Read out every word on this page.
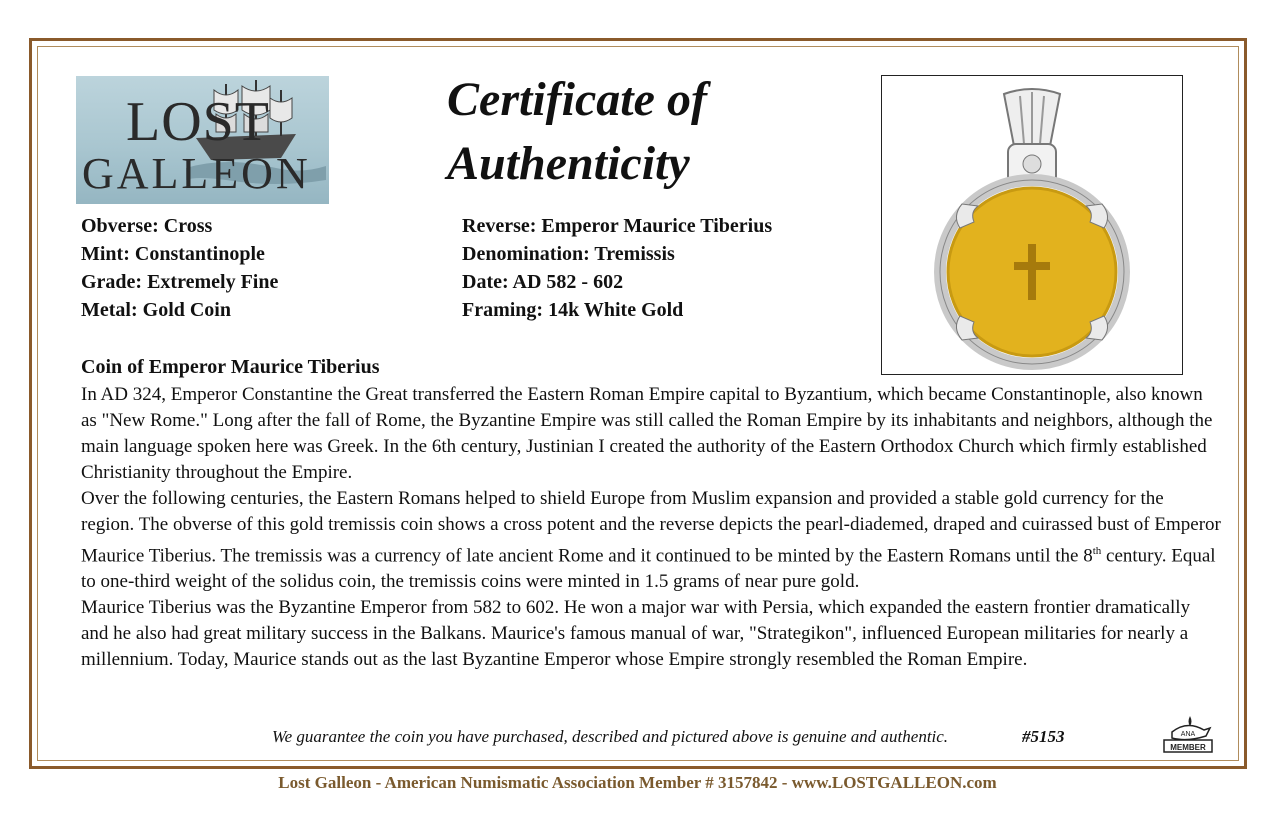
LOST
GALLEON
Certificate of
Authenticity
Obverse: Cross
Mint: Constantinople
Grade: Extremely Fine
Metal: Gold Coin
Reverse: Emperor Maurice Tiberius
Denomination: Tremissis
Date: AD 582 - 602
Framing: 14k White Gold
Coin of Emperor Maurice Tiberius

In AD 324, Emperor Constantine the Great transferred the Eastern Roman Empire capital to Byzantium, which became Constantinople, also known as "New Rome." Long after the fall of Rome, the Byzantine Empire was still called the Roman Empire by its inhabitants and neighbors, although the main language spoken here was Greek. In the 6th century, Justinian I created the authority of the Eastern Orthodox Church which firmly established Christianity throughout the Empire.

Over the following centuries, the Eastern Romans helped to shield Europe from Muslim expansion and provided a stable gold currency for the region. The obverse of this gold tremissis coin shows a cross potent and the reverse depicts the pearl-diademed, draped and cuirassed bust of Emperor Maurice Tiberius. The tremissis was a currency of late ancient Rome and it continued to be minted by the Eastern Romans until the 8th century. Equal to one-third weight of the solidus coin, the tremissis coins were minted in 1.5 grams of near pure gold.

Maurice Tiberius was the Byzantine Emperor from 582 to 602. He won a major war with Persia, which expanded the eastern frontier dramatically and he also had great military success in the Balkans. Maurice's famous manual of war, "Strategikon", influenced European militaries for nearly a millennium. Today, Maurice stands out as the last Byzantine Emperor whose Empire strongly resembled the Roman Empire.

We guarantee the coin you have purchased, described and pictured above is genuine and authentic.	#5153	ANA
MEMBER
Lost Galleon - American Numismatic Association Member # 3157842 - www.LOSTGALLEON.com
